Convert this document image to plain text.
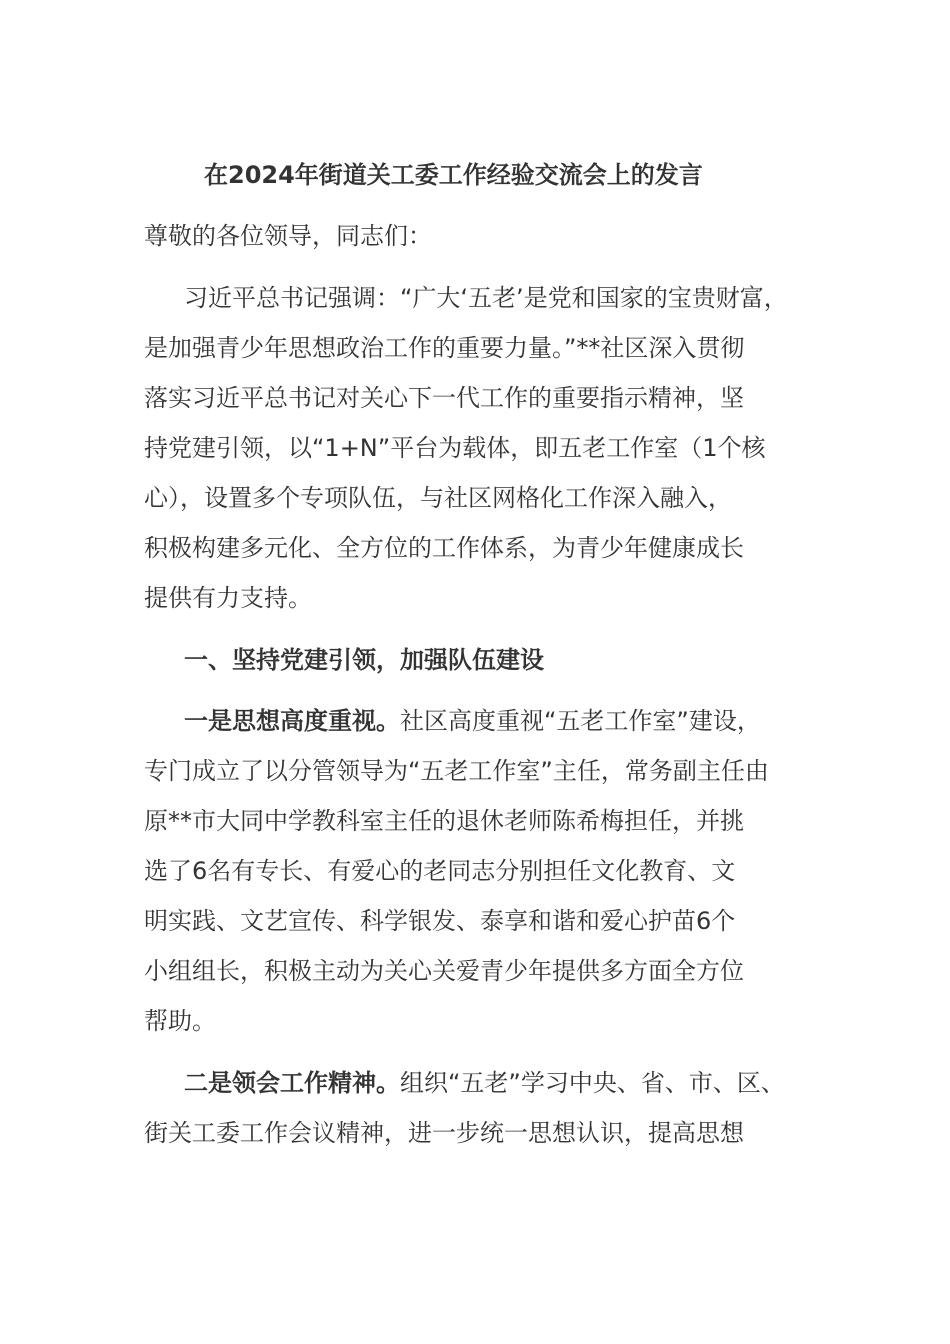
在2024年街道关工委工作经验交流会上的发言
尊敬的各位领导，同志们：
习近平总书记强调：“广大‘五老’是党和国家的宝贵财富，
是加强青少年思想政治工作的重要力量。”**社区深入贯彻
落实习近平总书记对关心下一代工作的重要指示精神，坚
持党建引领，以“1+N”平台为载体，即五老工作室（1个核
心），设置多个专项队伍，与社区网格化工作深入融入，
积极构建多元化、全方位的工作体系，为青少年健康成长
提供有力支持。
一、坚持党建引领，加强队伍建设
一是思想高度重视。社区高度重视“五老工作室”建设，
专门成立了以分管领导为“五老工作室”主任，常务副主任由
原**市大同中学教科室主任的退休老师陈希梅担任，并挑
选了6名有专长、有爱心的老同志分别担任文化教育、文
明实践、文艺宣传、科学银发、泰享和谐和爱心护苗6个
小组组长，积极主动为关心关爱青少年提供多方面全方位
帮助。
二是领会工作精神。组织“五老”学习中央、省、市、区、
街关工委工作会议精神，进一步统一思想认识，提高思想
